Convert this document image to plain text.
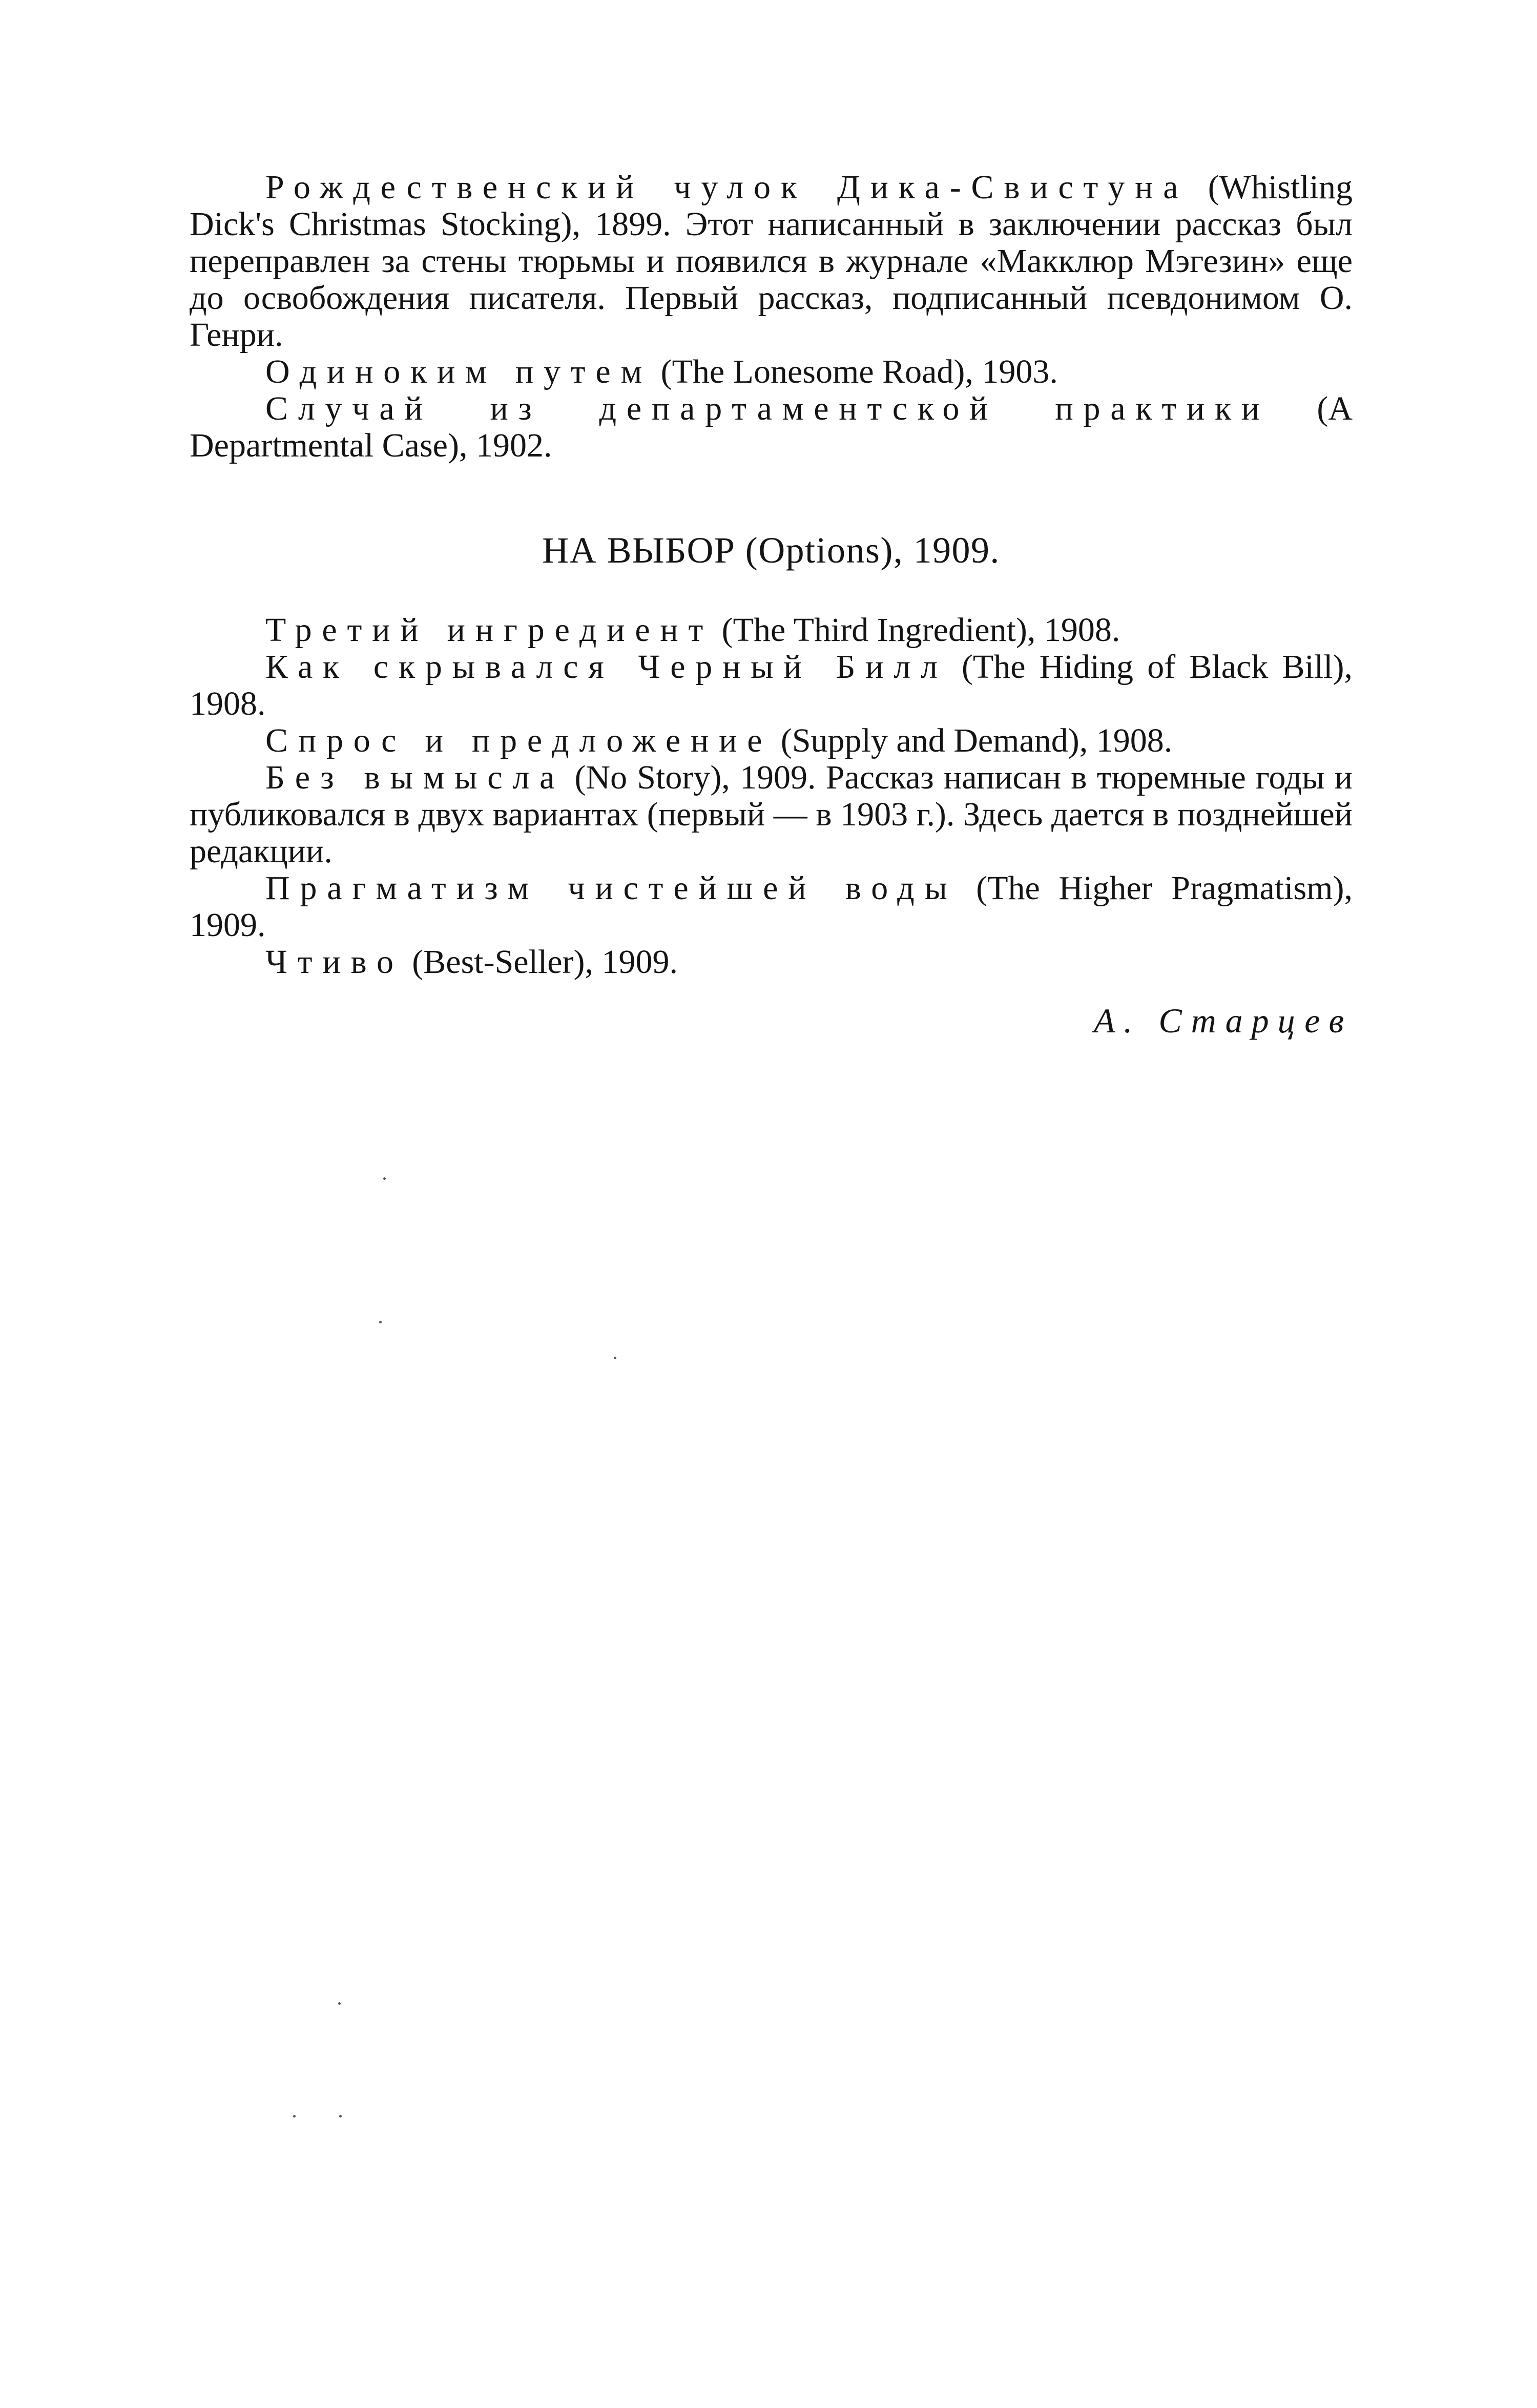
Рождественский чулок Дика-Свистуна (Whistling Dick's Christmas Stocking), 1899. Этот написанный в заключении рассказ был переправлен за стены тюрьмы и появился в журнале «Макклюр Мэгезин» еще до освобождения писателя. Первый рассказ, подписанный псевдонимом О. Генри.

Одиноким путем (The Lonesome Road), 1903.

Случай из департаментской практики (A Departmental Case), 1902.

НА ВЫБОР (Options), 1909.

Третий ингредиент (The Third Ingredient), 1908.

Как скрывался Черный Билл (The Hiding of Black Bill), 1908.

Спрос и предложение (Supply and Demand), 1908.

Без вымысла (No Story), 1909. Рассказ написан в тюремные годы и публиковался в двух вариантах (первый — в 1903 г.). Здесь дается в позднейшей редакции.

Прагматизм чистейшей воды (The Higher Pragmatism), 1909.

Чтиво (Best-Seller), 1909.

А. Старцев
